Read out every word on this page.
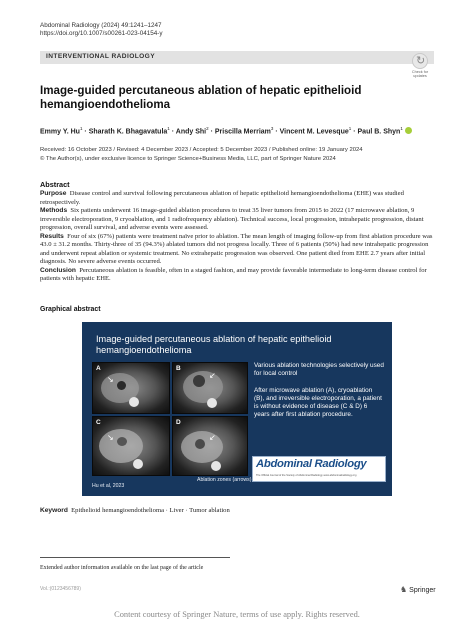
Abdominal Radiology (2024) 49:1241–1247
https://doi.org/10.1007/s00261-023-04154-y
INTERVENTIONAL RADIOLOGY	↻
Check for updates
Image-guided percutaneous ablation of hepatic epithelioid hemangioendothelioma
Emmy Y. $Hu^1$ · Sharath K. Bhagavatula$^1$ · Andy Shi$^2$ · Priscilla Merriam$^3$ · Vincent M. Levesque$^1$ · Paul B. Shyn$^1$
Received: 16 October 2023 / Revised: 4 December 2023 / Accepted: 5 December 2023 / Published online: 19 January 2024
© The Author(s), under exclusive licence to Springer Science+Business Media, LLC, part of Springer Nature 2024
Abstract

Purpose Disease control and survival following percutaneous ablation of hepatic epithelioid hemangioendothelioma (EHE) was studied retrospectively.

Methods Six patients underwent 16 image-guided ablation procedures to treat 35 liver tumors from 2015 to 2022 (17 microwave ablation, 9 irreversible electroporation, 9 cryoablation, and 1 radiofrequency ablation). Technical success, local progression, intrahepatic progression, distant progression, overall survival, and adverse events were assessed.

Results Four of six (67%) patients were treatment naïve prior to ablation. The mean length of imaging follow-up from first ablation procedure was 43.0 ± 31.2 months. Thirty-three of 35 (94.3%) ablated tumors did not progress locally. Three of 6 patients (50%) had new intrahepatic progression and underwent repeat ablation or systemic treatment. No extrahepatic progression was observed. One patient died from EHE 2.7 years after initial diagnosis. No severe adverse events occurred.

Conclusion Percutaneous ablation is feasible, often in a staged fashion, and may provide favorable intermediate to long-term disease control for patients with hepatic EHE.

Graphical abstract
Image-guided percutaneous ablation of hepatic epithelioid hemangioendothelioma
A
↘
B
↙
C
↘
D
↙

Various ablation technologies selectively used for local control

After microwave ablation (A), cryoablation (B), and irreversible electroporation, a patient is without evidence of disease (C & D) 6 years after first ablation procedure.

Abdominal Radiology
The Official Journal of the Society of Abdominal Radiology www.abdominalradiology.org
Hu et al, 2023
Ablation zones (arrows)
Keyword Epithelioid hemangioendothelioma · Liver · Tumor ablation
Extended author information available on the last page of the article
Vol.:(0123456789)	♞ Springer
Content courtesy of Springer Nature, terms of use apply. Rights reserved.
